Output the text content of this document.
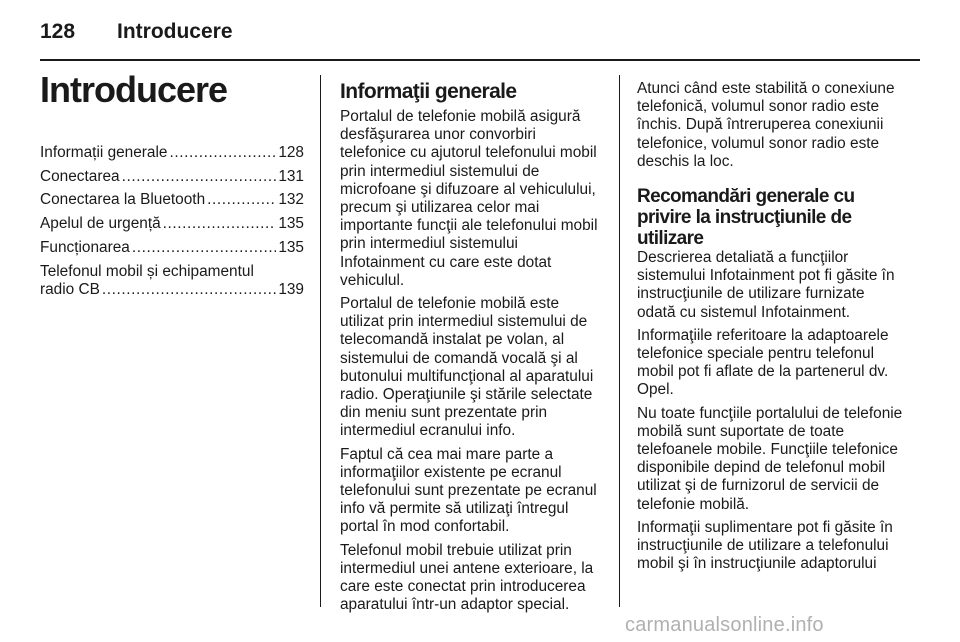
128 Introducere
Introducere
Informații generale .....	128
Conectarea .....	131
Conectarea la Bluetooth .....	132
Apelul de urgență .....	135
Funcționarea .....	135
Telefonul mobil și echipamentul
radio CB .....	139
Informaţii generale

Portalul de telefonie mobilă asigură desfăşurarea unor convorbiri telefonice cu ajutorul telefonului mobil prin intermediul sistemului de microfoane şi difuzoare al vehiculului, precum şi utilizarea celor mai importante funcţii ale telefonului mobil prin intermediul sistemului Infotainment cu care este dotat vehiculul.

Portalul de telefonie mobilă este utilizat prin intermediul sistemului de telecomandă instalat pe volan, al sistemului de comandă vocală şi al butonului multifuncţional al aparatului radio. Operaţiunile şi stările selectate din meniu sunt prezentate prin intermediul ecranului info.

Faptul că cea mai mare parte a informaţiilor existente pe ecranul telefonului sunt prezentate pe ecranul info vă permite să utilizaţi întregul portal în mod confortabil.

Telefonul mobil trebuie utilizat prin intermediul unei antene exterioare, la care este conectat prin introducerea aparatului într-un adaptor special.

Atunci când este stabilită o conexiune telefonică, volumul sonor radio este închis. După întreruperea conexiunii telefonice, volumul sonor radio este deschis la loc.

Recomandări generale cu privire la instrucţiunile de utilizare

Descrierea detaliată a funcţiilor sistemului Infotainment pot fi găsite în instrucţiunile de utilizare furnizate odată cu sistemul Infotainment.

Informaţiile referitoare la adaptoarele telefonice speciale pentru telefonul mobil pot fi aflate de la partenerul dv. Opel.

Nu toate funcţiile portalului de telefonie mobilă sunt suportate de toate telefoanele mobile. Funcţiile telefonice disponibile depind de telefonul mobil utilizat şi de furnizorul de servicii de telefonie mobilă.

Informaţii suplimentare pot fi găsite în instrucţiunile de utilizare a telefonului mobil şi în instrucţiunile adaptorului

carmanualsonline.info
